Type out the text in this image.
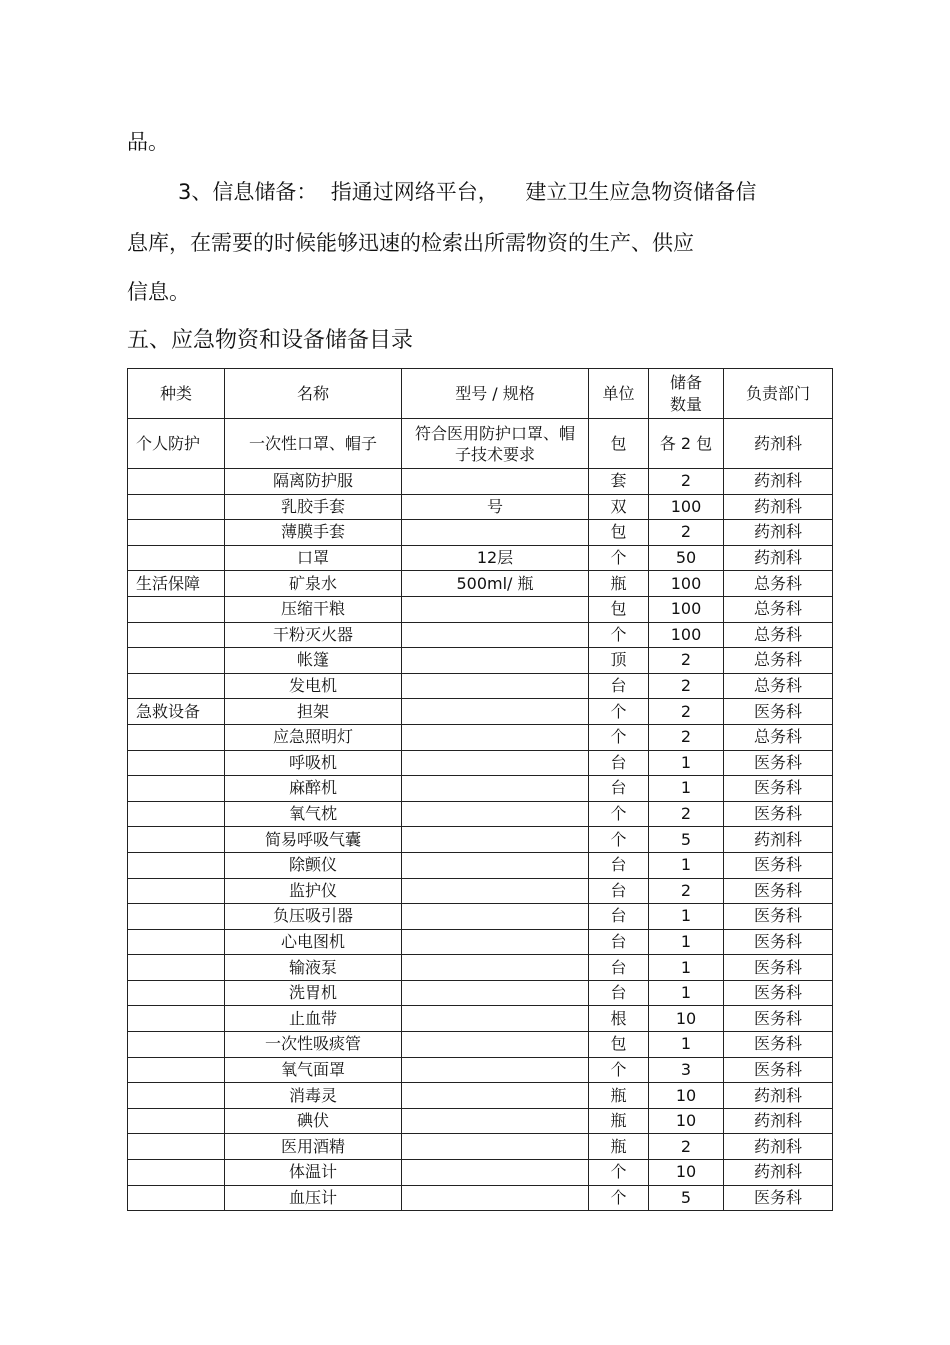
品。
3、信息储备：  指通过网络平台，    建立卫生应急物资储备信
息库，在需要的时候能够迅速的检索出所需物资的生产、供应
信息。
五、应急物资和设备储备目录
种类	名称	型号 / 规格	单位	储备数量	负责部门
个人防护	一次性口罩、帽子	符合医用防护口罩、帽子技术要求	包	各 2 包	药剂科
	隔离防护服		套	2	药剂科
	乳胶手套	号	双	100	药剂科
	薄膜手套		包	2	药剂科
	口罩	12层	个	50	药剂科
生活保障	矿泉水	500ml/ 瓶	瓶	100	总务科
	压缩干粮		包	100	总务科
	干粉灭火器		个	100	总务科
	帐篷		顶	2	总务科
	发电机		台	2	总务科
急救设备	担架		个	2	医务科
	应急照明灯		个	2	总务科
	呼吸机		台	1	医务科
	麻醉机		台	1	医务科
	氧气枕		个	2	医务科
	简易呼吸气囊		个	5	药剂科
	除颤仪		台	1	医务科
	监护仪		台	2	医务科
	负压吸引器		台	1	医务科
	心电图机		台	1	医务科
	输液泵		台	1	医务科
	洗胃机		台	1	医务科
	止血带		根	10	医务科
	一次性吸痰管		包	1	医务科
	氧气面罩		个	3	医务科
	消毒灵		瓶	10	药剂科
	碘伏		瓶	10	药剂科
	医用酒精		瓶	2	药剂科
	体温计		个	10	药剂科
	血压计		个	5	医务科
